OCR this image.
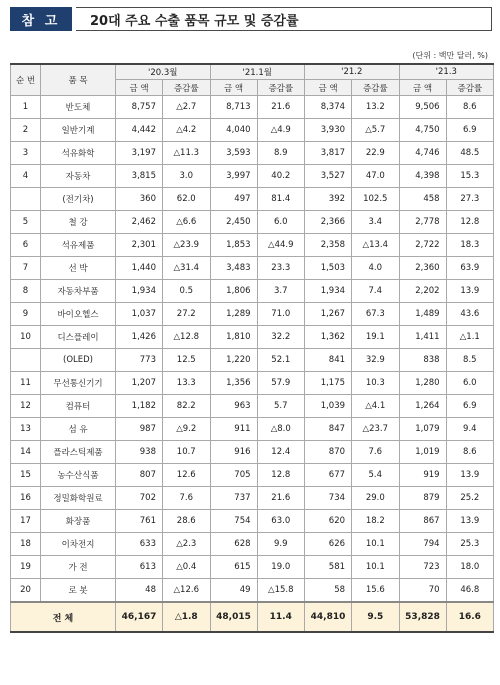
참 고	20대 주요 수출 품목 규모 및 증감률
(단위 : 백만 달러, %)
순 번	품 목	'20.3월		'21.1월		'21.2		'21.3	
		금 액	증감률	금 액	증감률	금 액	증감률	금 액	증감률
1	반도체	8,757	△2.7	8,713	21.6	8,374	13.2	9,506	8.6
2	일반기계	4,442	△4.2	4,040	△4.9	3,930	△5.7	4,750	6.9
3	석유화학	3,197	△11.3	3,593	8.9	3,817	22.9	4,746	48.5
4	자동차	3,815	3.0	3,997	40.2	3,527	47.0	4,398	15.3
	(전기차)	360	62.0	497	81.4	392	102.5	458	27.3
5	철 강	2,462	△6.6	2,450	6.0	2,366	3.4	2,778	12.8
6	석유제품	2,301	△23.9	1,853	△44.9	2,358	△13.4	2,722	18.3
7	선 박	1,440	△31.4	3,483	23.3	1,503	4.0	2,360	63.9
8	자동차부품	1,934	0.5	1,806	3.7	1,934	7.4	2,202	13.9
9	바이오헬스	1,037	27.2	1,289	71.0	1,267	67.3	1,489	43.6
10	디스플레이	1,426	△12.8	1,810	32.2	1,362	19.1	1,411	△1.1
	(OLED)	773	12.5	1,220	52.1	841	32.9	838	8.5
11	무선통신기기	1,207	13.3	1,356	57.9	1,175	10.3	1,280	6.0
12	컴퓨터	1,182	82.2	963	5.7	1,039	△4.1	1,264	6.9
13	섬 유	987	△9.2	911	△8.0	847	△23.7	1,079	9.4
14	플라스틱제품	938	10.7	916	12.4	870	7.6	1,019	8.6
15	농수산식품	807	12.6	705	12.8	677	5.4	919	13.9
16	정밀화학원료	702	7.6	737	21.6	734	29.0	879	25.2
17	화장품	761	28.6	754	63.0	620	18.2	867	13.9
18	이차전지	633	△2.3	628	9.9	626	10.1	794	25.3
19	가 전	613	△0.4	615	19.0	581	10.1	723	18.0
20	로 봇	48	△12.6	49	△15.8	58	15.6	70	46.8
전 체		46,167	△1.8	48,015	11.4	44,810	9.5	53,828	16.6
